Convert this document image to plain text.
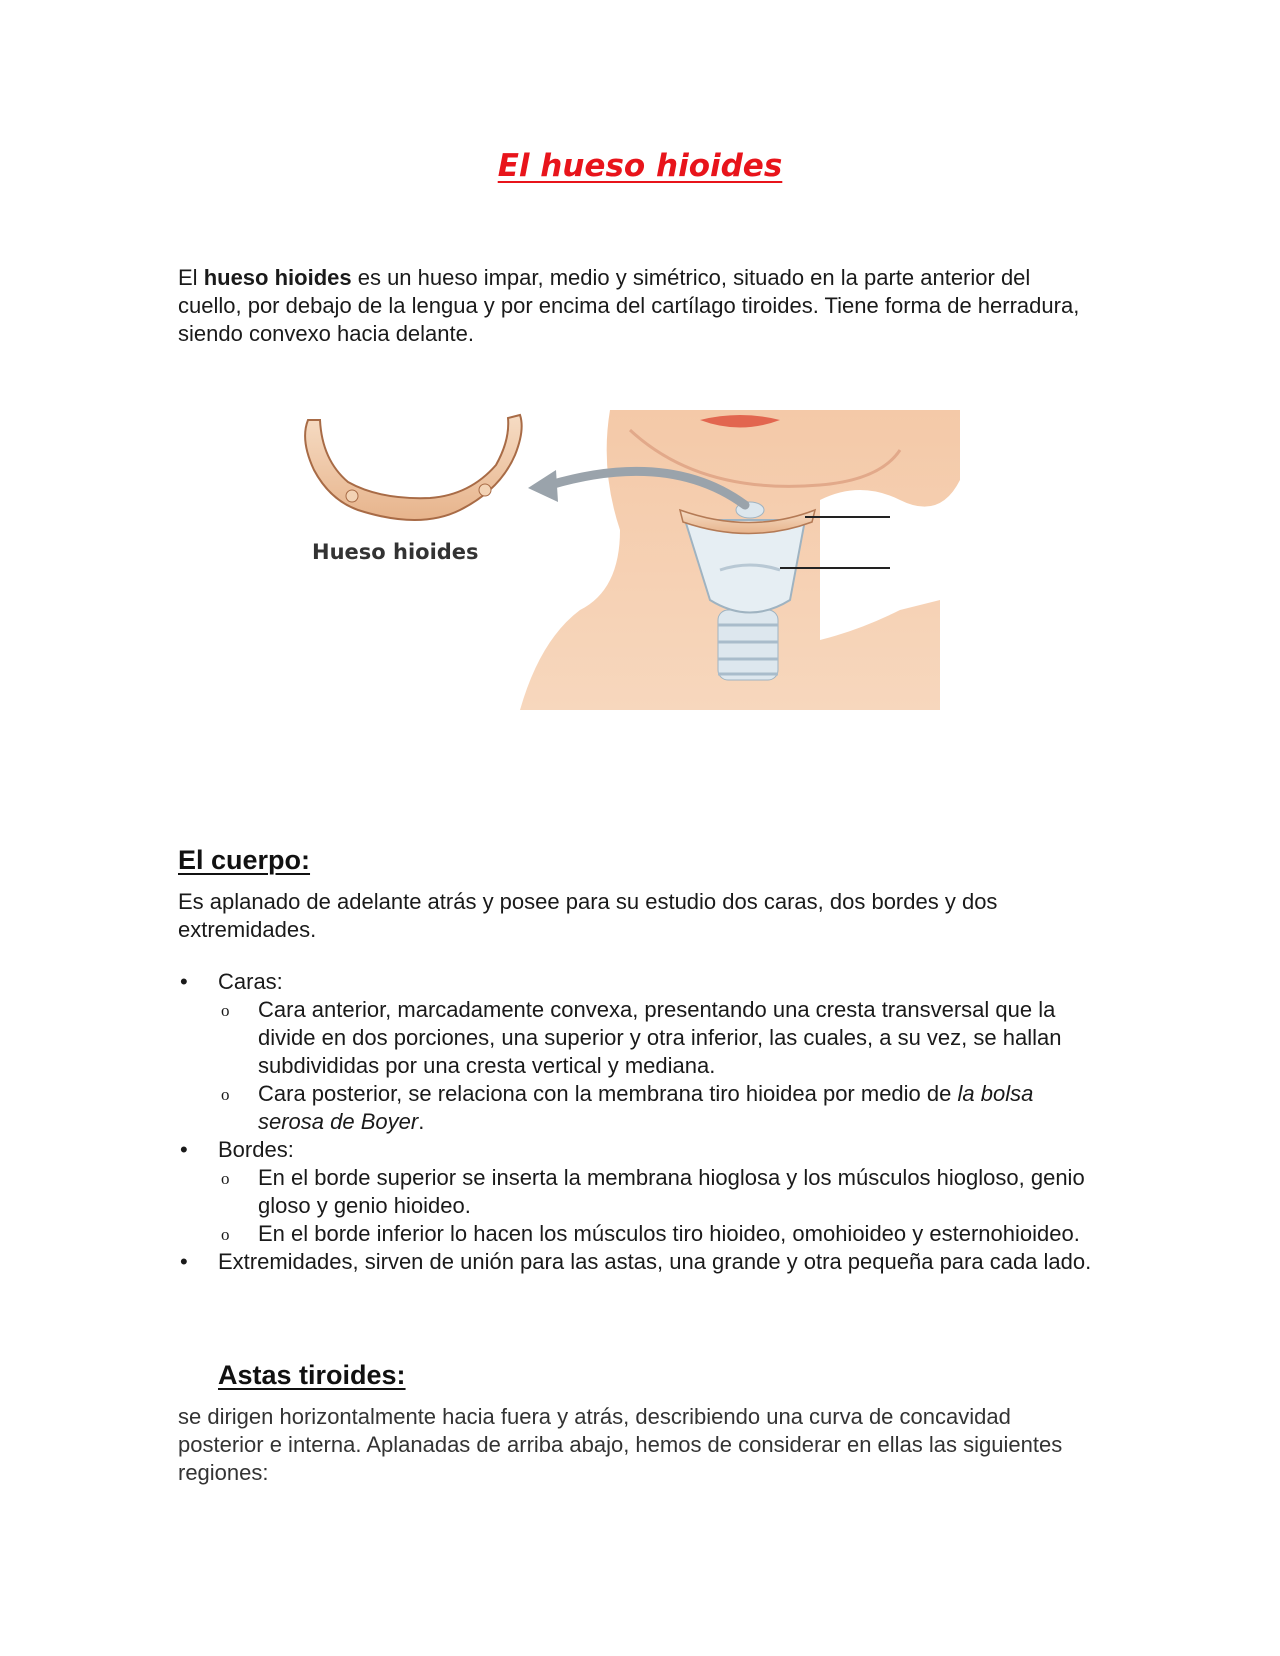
El hueso hioides
El hueso hioides es un hueso impar, medio y simétrico, situado en la parte anterior del cuello, por debajo de la lengua y por encima del cartílago tiroides. Tiene forma de herradura, siendo convexo hacia delante.
Hueso hioides
El cuerpo:
Es aplanado de adelante atrás y posee para su estudio dos caras, dos bordes y dos extremidades.
• Caras:
o Cara anterior, marcadamente convexa, presentando una cresta transversal que la divide en dos porciones, una superior y otra inferior, las cuales, a su vez, se hallan subdivididas por una cresta vertical y mediana.
o Cara posterior, se relaciona con la membrana tiro hioidea por medio de la bolsa serosa de Boyer.
• Bordes:
o En el borde superior se inserta la membrana hioglosa y los músculos hiogloso, genio gloso y genio hioideo.
o En el borde inferior lo hacen los músculos tiro hioideo, omohioideo y esternohioideo.
• Extremidades, sirven de unión para las astas, una grande y otra pequeña para cada lado.
Astas tiroides:
se dirigen horizontalmente hacia fuera y atrás, describiendo una curva de concavidad posterior e interna. Aplanadas de arriba abajo, hemos de considerar en ellas las siguientes regiones:
